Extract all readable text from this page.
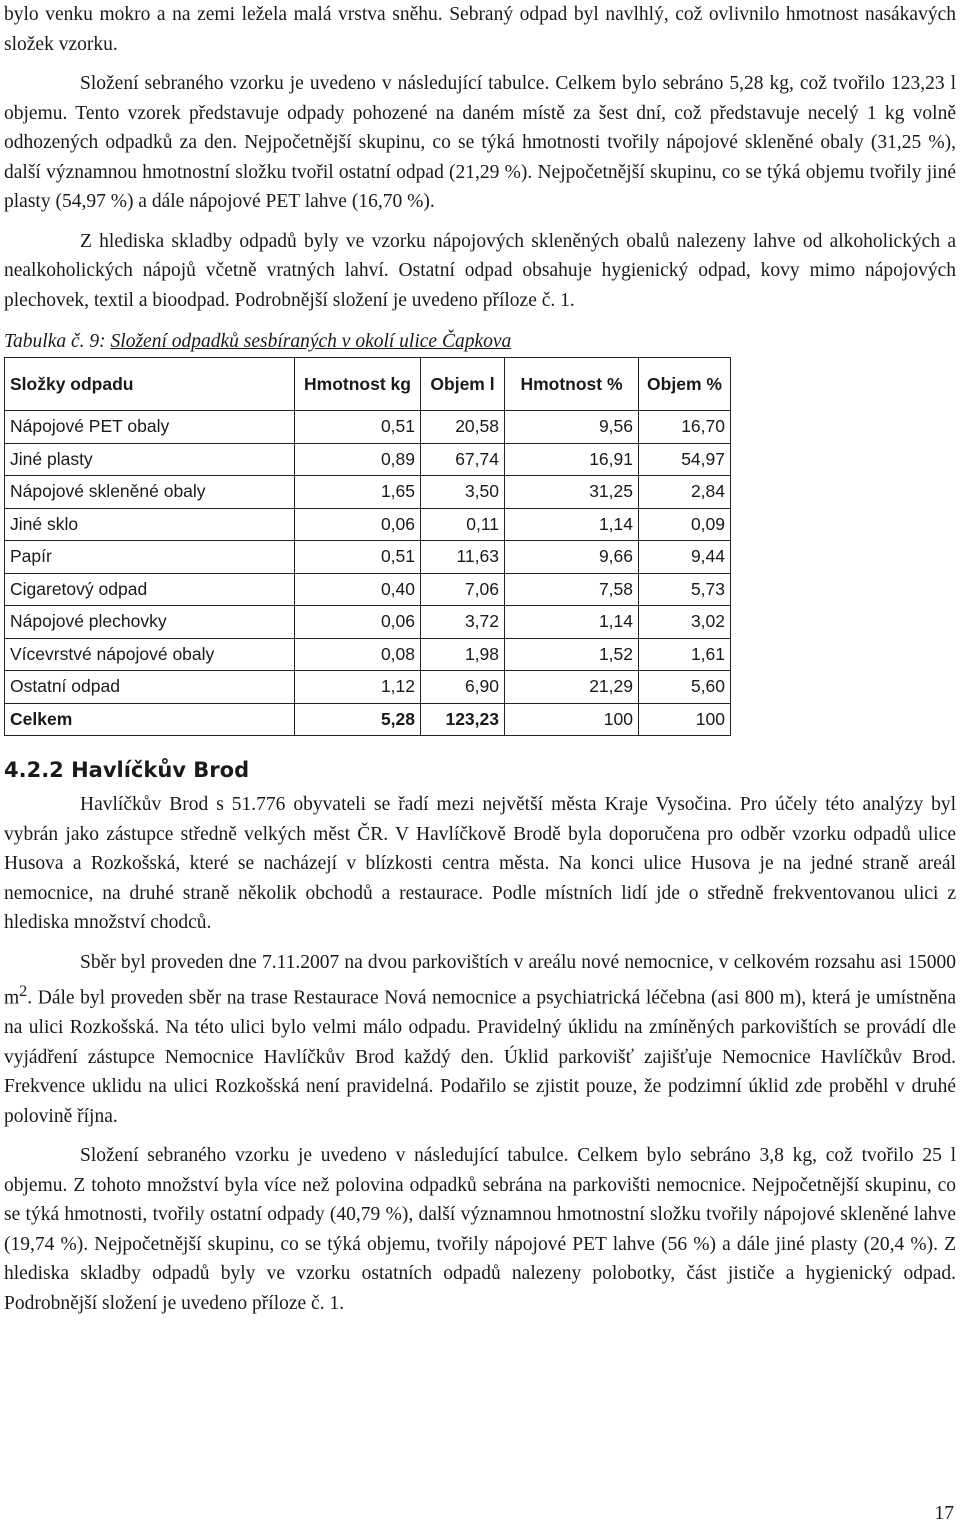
bylo venku mokro a na zemi ležela malá vrstva sněhu. Sebraný odpad byl navlhlý, což ovlivnilo hmotnost nasákavých složek vzorku.

Složení sebraného vzorku je uvedeno v následující tabulce. Celkem bylo sebráno 5,28 kg, což tvořilo 123,23 l objemu. Tento vzorek představuje odpady pohozené na daném místě za šest dní, což představuje necelý 1 kg volně odhozených odpadků za den. Nejpočetnější skupinu, co se týká hmotnosti tvořily nápojové skleněné obaly (31,25 %), další významnou hmotnostní složku tvořil ostatní odpad (21,29 %). Nejpočetnější skupinu, co se týká objemu tvořily jiné plasty (54,97 %) a dále nápojové PET lahve (16,70 %).

Z hlediska skladby odpadů byly ve vzorku nápojových skleněných obalů nalezeny lahve od alkoholických a nealkoholických nápojů včetně vratných lahví. Ostatní odpad obsahuje hygienický odpad, kovy mimo nápojových plechovek, textil a bioodpad. Podrobnější složení je uvedeno příloze č. 1.

Tabulka č. 9: Složení odpadků sesbíraných v okolí ulice Čapkova
Složky odpadu	Hmotnost kg	Objem l	Hmotnost %	Objem %
Nápojové PET obaly	0,51	20,58	9,56	16,70
Jiné plasty	0,89	67,74	16,91	54,97
Nápojové skleněné obaly	1,65	3,50	31,25	2,84
Jiné sklo	0,06	0,11	1,14	0,09
Papír	0,51	11,63	9,66	9,44
Cigaretový odpad	0,40	7,06	7,58	5,73
Nápojové plechovky	0,06	3,72	1,14	3,02
Vícevrstvé nápojové obaly	0,08	1,98	1,52	1,61
Ostatní odpad	1,12	6,90	21,29	5,60
Celkem	5,28	123,23	100	100
4.2.2 Havlíčkův Brod

Havlíčkův Brod s 51.776 obyvateli se řadí mezi největší města Kraje Vysočina. Pro účely této analýzy byl vybrán jako zástupce středně velkých měst ČR. V Havlíčkově Brodě byla doporučena pro odběr vzorku odpadů ulice Husova a Rozkošská, které se nacházejí v blízkosti centra města. Na konci ulice Husova je na jedné straně areál nemocnice, na druhé straně několik obchodů a restaurace. Podle místních lidí jde o středně frekventovanou ulici z hlediska množství chodců.

Sběr byl proveden dne 7.11.2007 na dvou parkovištích v areálu nové nemocnice, v celkovém rozsahu asi 15000 $m^2$. Dále byl proveden sběr na trase Restaurace Nová nemocnice a psychiatrická léčebna (asi 800 m), která je umístněna na ulici Rozkošská. Na této ulici bylo velmi málo odpadu. Pravidelný úklidu na zmíněných parkovištích se provádí dle vyjádření zástupce Nemocnice Havlíčkův Brod každý den. Úklid parkovišť zajišťuje Nemocnice Havlíčkův Brod. Frekvence uklidu na ulici Rozkošská není pravidelná. Podařilo se zjistit pouze, že podzimní úklid zde proběhl v druhé polovině října.

Složení sebraného vzorku je uvedeno v následující tabulce. Celkem bylo sebráno 3,8 kg, což tvořilo 25 l objemu. Z tohoto množství byla více než polovina odpadků sebrána na parkovišti nemocnice. Nejpočetnější skupinu, co se týká hmotnosti, tvořily ostatní odpady (40,79 %), další významnou hmotnostní složku tvořily nápojové skleněné lahve (19,74 %). Nejpočetnější skupinu, co se týká objemu, tvořily nápojové PET lahve (56 %) a dále jiné plasty (20,4 %). Z hlediska skladby odpadů byly ve vzorku ostatních odpadů nalezeny polobotky, část jističe a hygienický odpad. Podrobnější složení je uvedeno příloze č. 1.

17
